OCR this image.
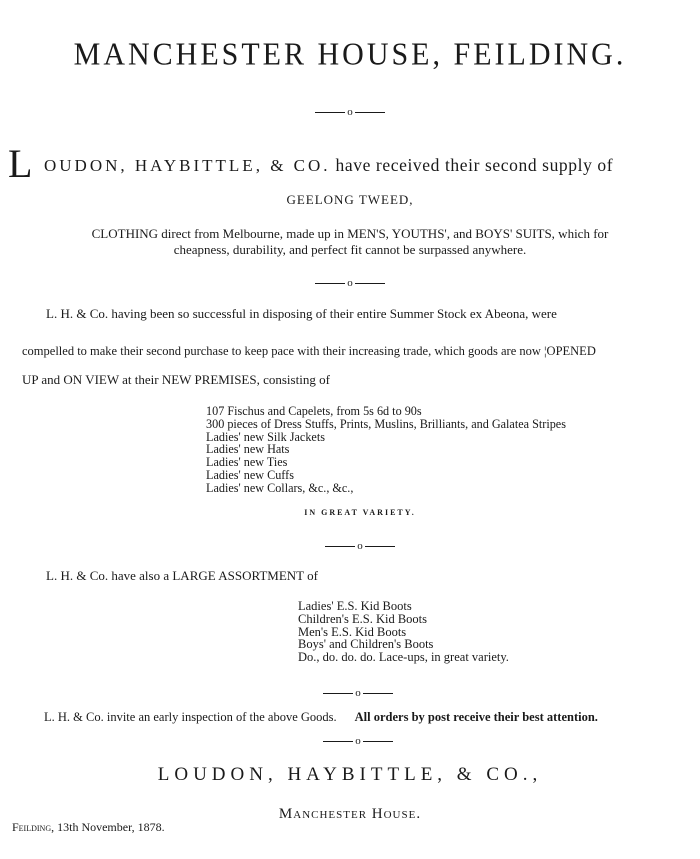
MANCHESTER HOUSE, FEILDING.
o
L OUDON, HAYBITTLE, & CO. have received their second supply of
GEELONG TWEED,
CLOTHING direct from Melbourne, made up in MEN'S, YOUTHS', and BOYS' SUITS, which for
cheapness, durability, and perfect fit cannot be surpassed anywhere.
o
L. H. & Co. having been so successful in disposing of their entire Summer Stock ex Abeona, were
compelled to make their second purchase to keep pace with their increasing trade, which goods are now ¦OPENED
UP and ON VIEW at their NEW PREMISES, consisting of
107 Fischus and Capelets, from 5s 6d to 90s
300 pieces of Dress Stuffs, Prints, Muslins, Brilliants, and Galatea Stripes
Ladies' new Silk Jackets
Ladies' new Hats
Ladies' new Ties
Ladies' new Cuffs
Ladies' new Collars, &c., &c.,
IN GREAT VARIETY.
o
L. H. & Co. have also a LARGE ASSORTMENT of
Ladies' E.S. Kid Boots
Children's E.S. Kid Boots
Men's E.S. Kid Boots
Boys' and Children's Boots
Do., do. do. do. Lace-ups, in great variety.
o
L. H. & Co. invite an early inspection of the above Goods. All orders by post receive their best attention.
o
LOUDON, HAYBITTLE, & CO.,
Manchester House.
Feilding, 13th November, 1878.
